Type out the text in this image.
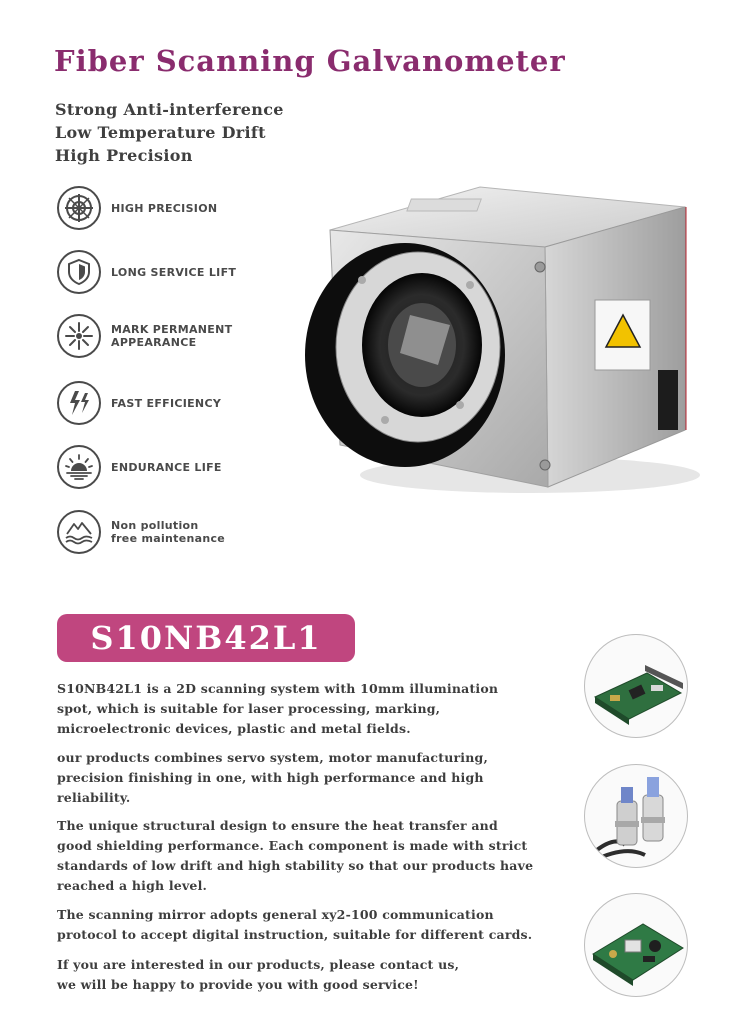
Fiber Scanning Galvanometer
Strong Anti-interference
Low Temperature Drift
High Precision
HIGH PRECISION
LONG SERVICE LIFT
MARK PERMANENT
APPEARANCE
FAST EFFICIENCY
ENDURANCE LIFE
Non pollution
free maintenance
S10NB42L1
S10NB42L1 is a 2D scanning system with 10mm illumination
spot, which is suitable for laser processing, marking,
microelectronic devices, plastic and metal fields.
our products combines servo system, motor manufacturing,
precision finishing in one, with high performance and high
reliability.
The unique structural design to ensure the heat transfer and
good shielding performance. Each component is made with strict
standards of low drift and high stability so that our products have
reached a high level.
The scanning mirror adopts general xy2-100 communication
protocol to accept digital instruction, suitable for different cards.
If you are interested in our products, please contact us,
we will be happy to provide you with good service!
